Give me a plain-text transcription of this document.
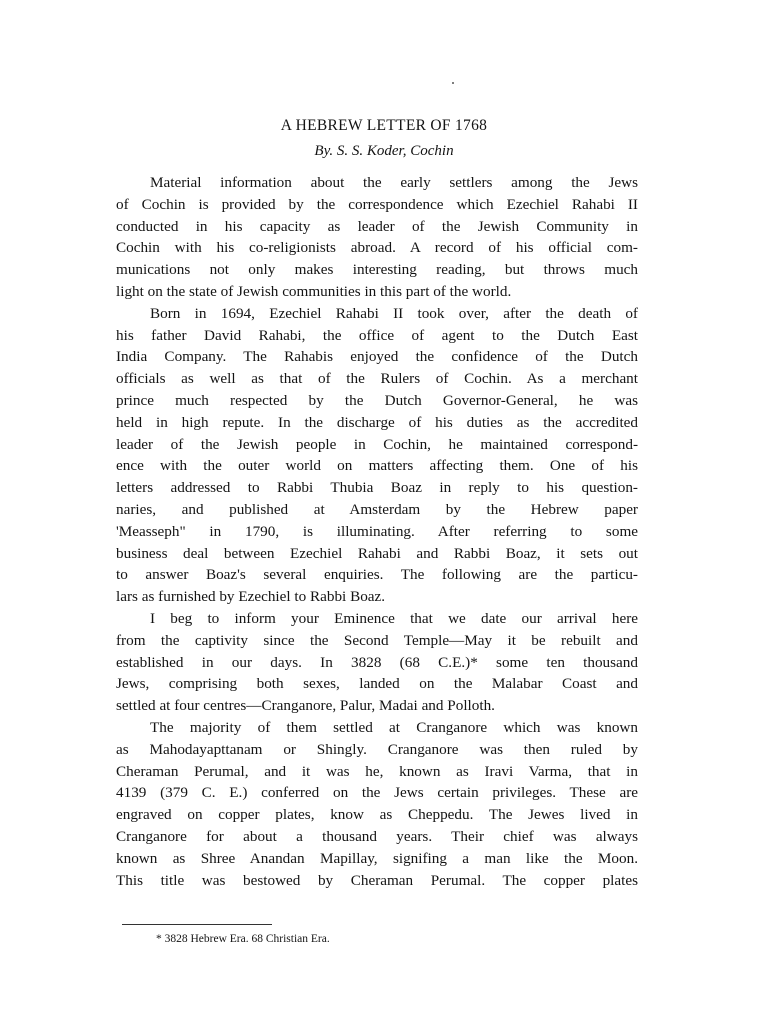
A HEBREW LETTER OF 1768
By. S. S. Koder, Cochin

Material information about the early settlers among the Jews
of Cochin is provided by the correspondence which Ezechiel Rahabi II
conducted in his capacity as leader of the Jewish Community in
Cochin with his co-religionists abroad. A record of his official com-
munications not only makes interesting reading, but throws much
light on the state of Jewish communities in this part of the world.

Born in 1694, Ezechiel Rahabi II took over, after the death of
his father David Rahabi, the office of agent to the Dutch East
India Company. The Rahabis enjoyed the confidence of the Dutch
officials as well as that of the Rulers of Cochin. As a merchant
prince much respected by the Dutch Governor-General, he was
held in high repute. In the discharge of his duties as the accredited
leader of the Jewish people in Cochin, he maintained correspond-
ence with the outer world on matters affecting them. One of his
letters addressed to Rabbi Thubia Boaz in reply to his question-
naries, and published at Amsterdam by the Hebrew paper
'Measseph" in 1790, is illuminating. After referring to some
business deal between Ezechiel Rahabi and Rabbi Boaz, it sets out
to answer Boaz's several enquiries. The following are the particu-
lars as furnished by Ezechiel to Rabbi Boaz.

I beg to inform your Eminence that we date our arrival here
from the captivity since the Second Temple—May it be rebuilt and
established in our days. In 3828 (68 C.E.)* some ten thousand
Jews, comprising both sexes, landed on the Malabar Coast and
settled at four centres—Cranganore, Palur, Madai and Polloth.

The majority of them settled at Cranganore which was known
as Mahodayapttanam or Shingly. Cranganore was then ruled by
Cheraman Perumal, and it was he, known as Iravi Varma, that in
4139 (379 C. E.) conferred on the Jews certain privileges. These are
engraved on copper plates, know as Cheppedu. The Jewes lived in
Cranganore for about a thousand years. Their chief was always
known as Shree Anandan Mapillay, signifing a man like the Moon.
This title was bestowed by Cheraman Perumal. The copper plates

* 3828 Hebrew Era. 68 Christian Era.
